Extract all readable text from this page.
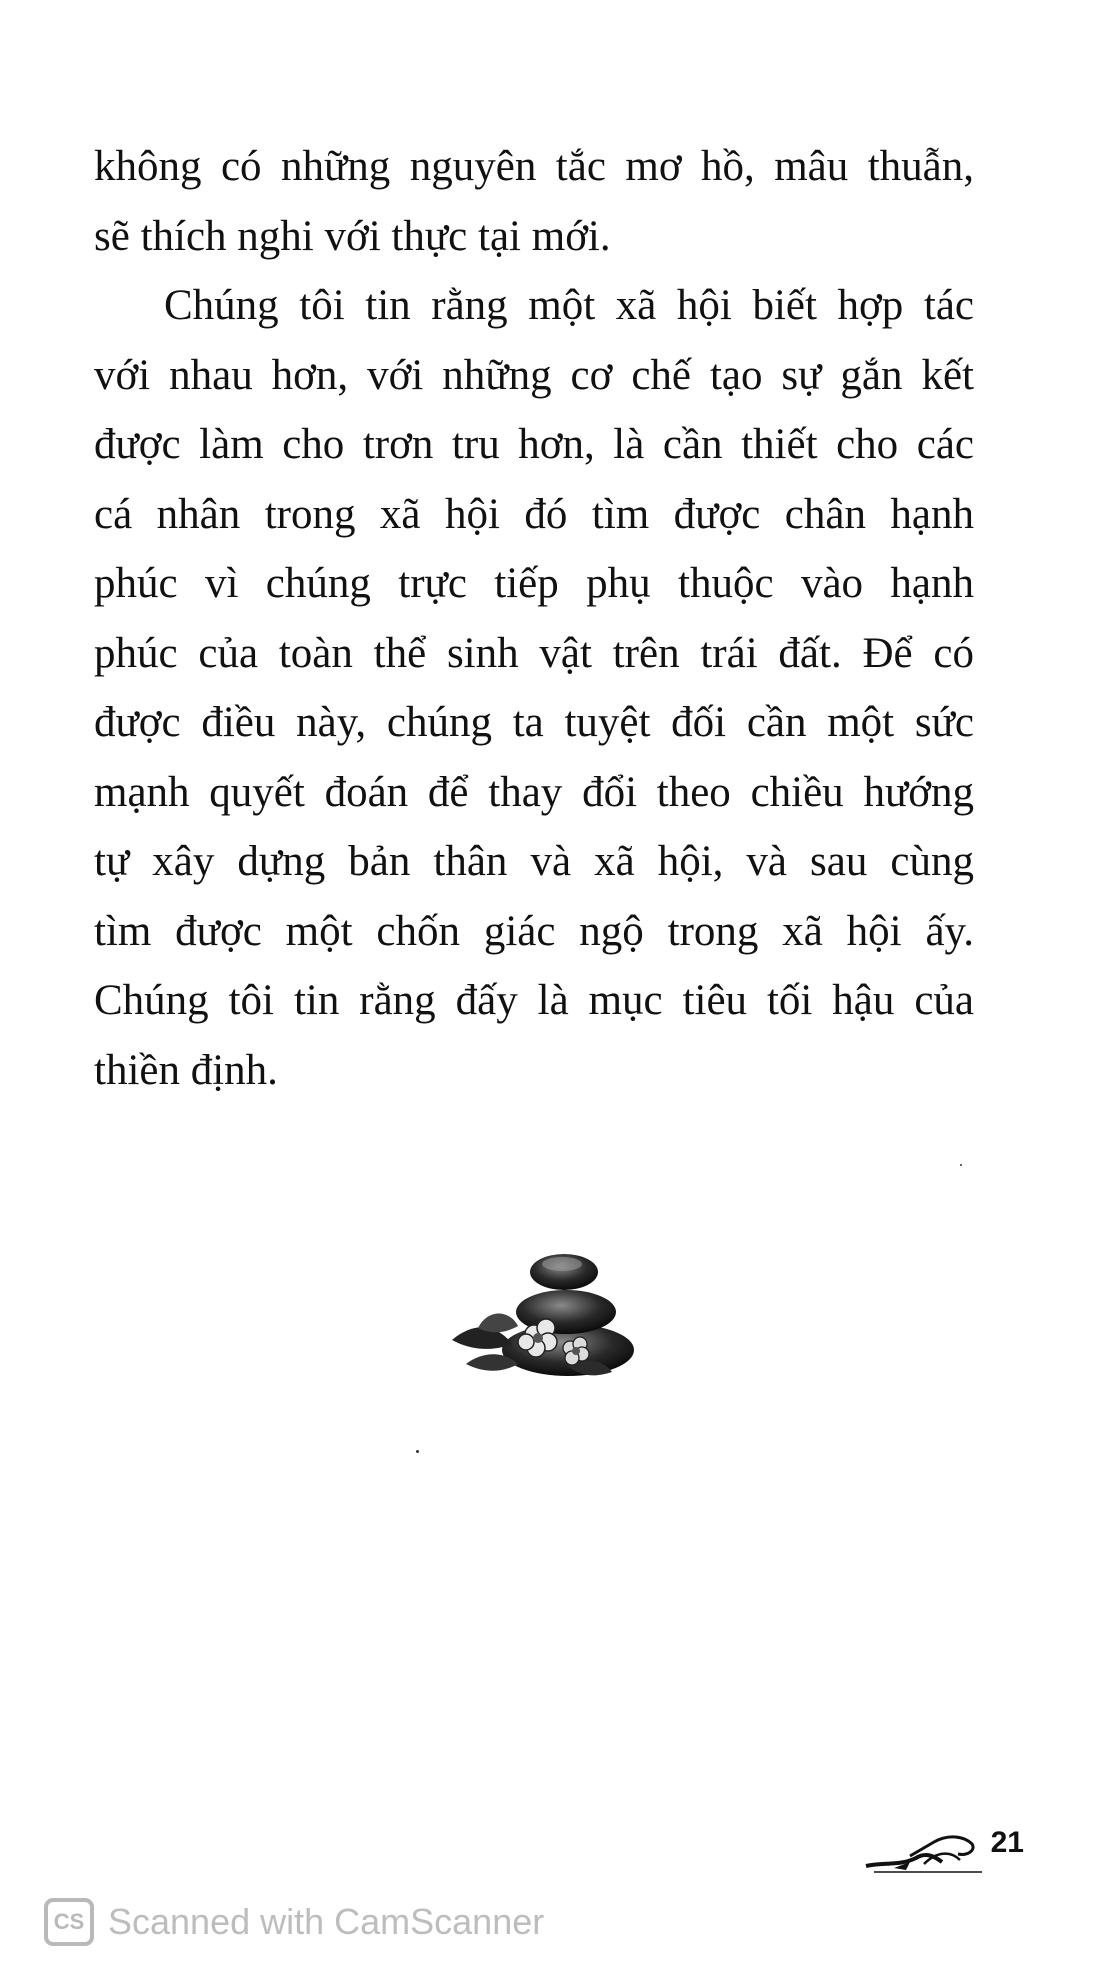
không có những nguyên tắc mơ hồ, mâu thuẫn,
sẽ thích nghi với thực tại mới.
Chúng tôi tin rằng một xã hội biết hợp tác
với nhau hơn, với những cơ chế tạo sự gắn kết
được làm cho trơn tru hơn, là cần thiết cho các
cá nhân trong xã hội đó tìm được chân hạnh
phúc vì chúng trực tiếp phụ thuộc vào hạnh
phúc của toàn thể sinh vật trên trái đất. Để có
được điều này, chúng ta tuyệt đối cần một sức
mạnh quyết đoán để thay đổi theo chiều hướng
tự xây dựng bản thân và xã hội, và sau cùng
tìm được một chốn giác ngộ trong xã hội ấy.
Chúng tôi tin rằng đấy là mục tiêu tối hậu của
thiền định.
21
CS Scanned with CamScanner
